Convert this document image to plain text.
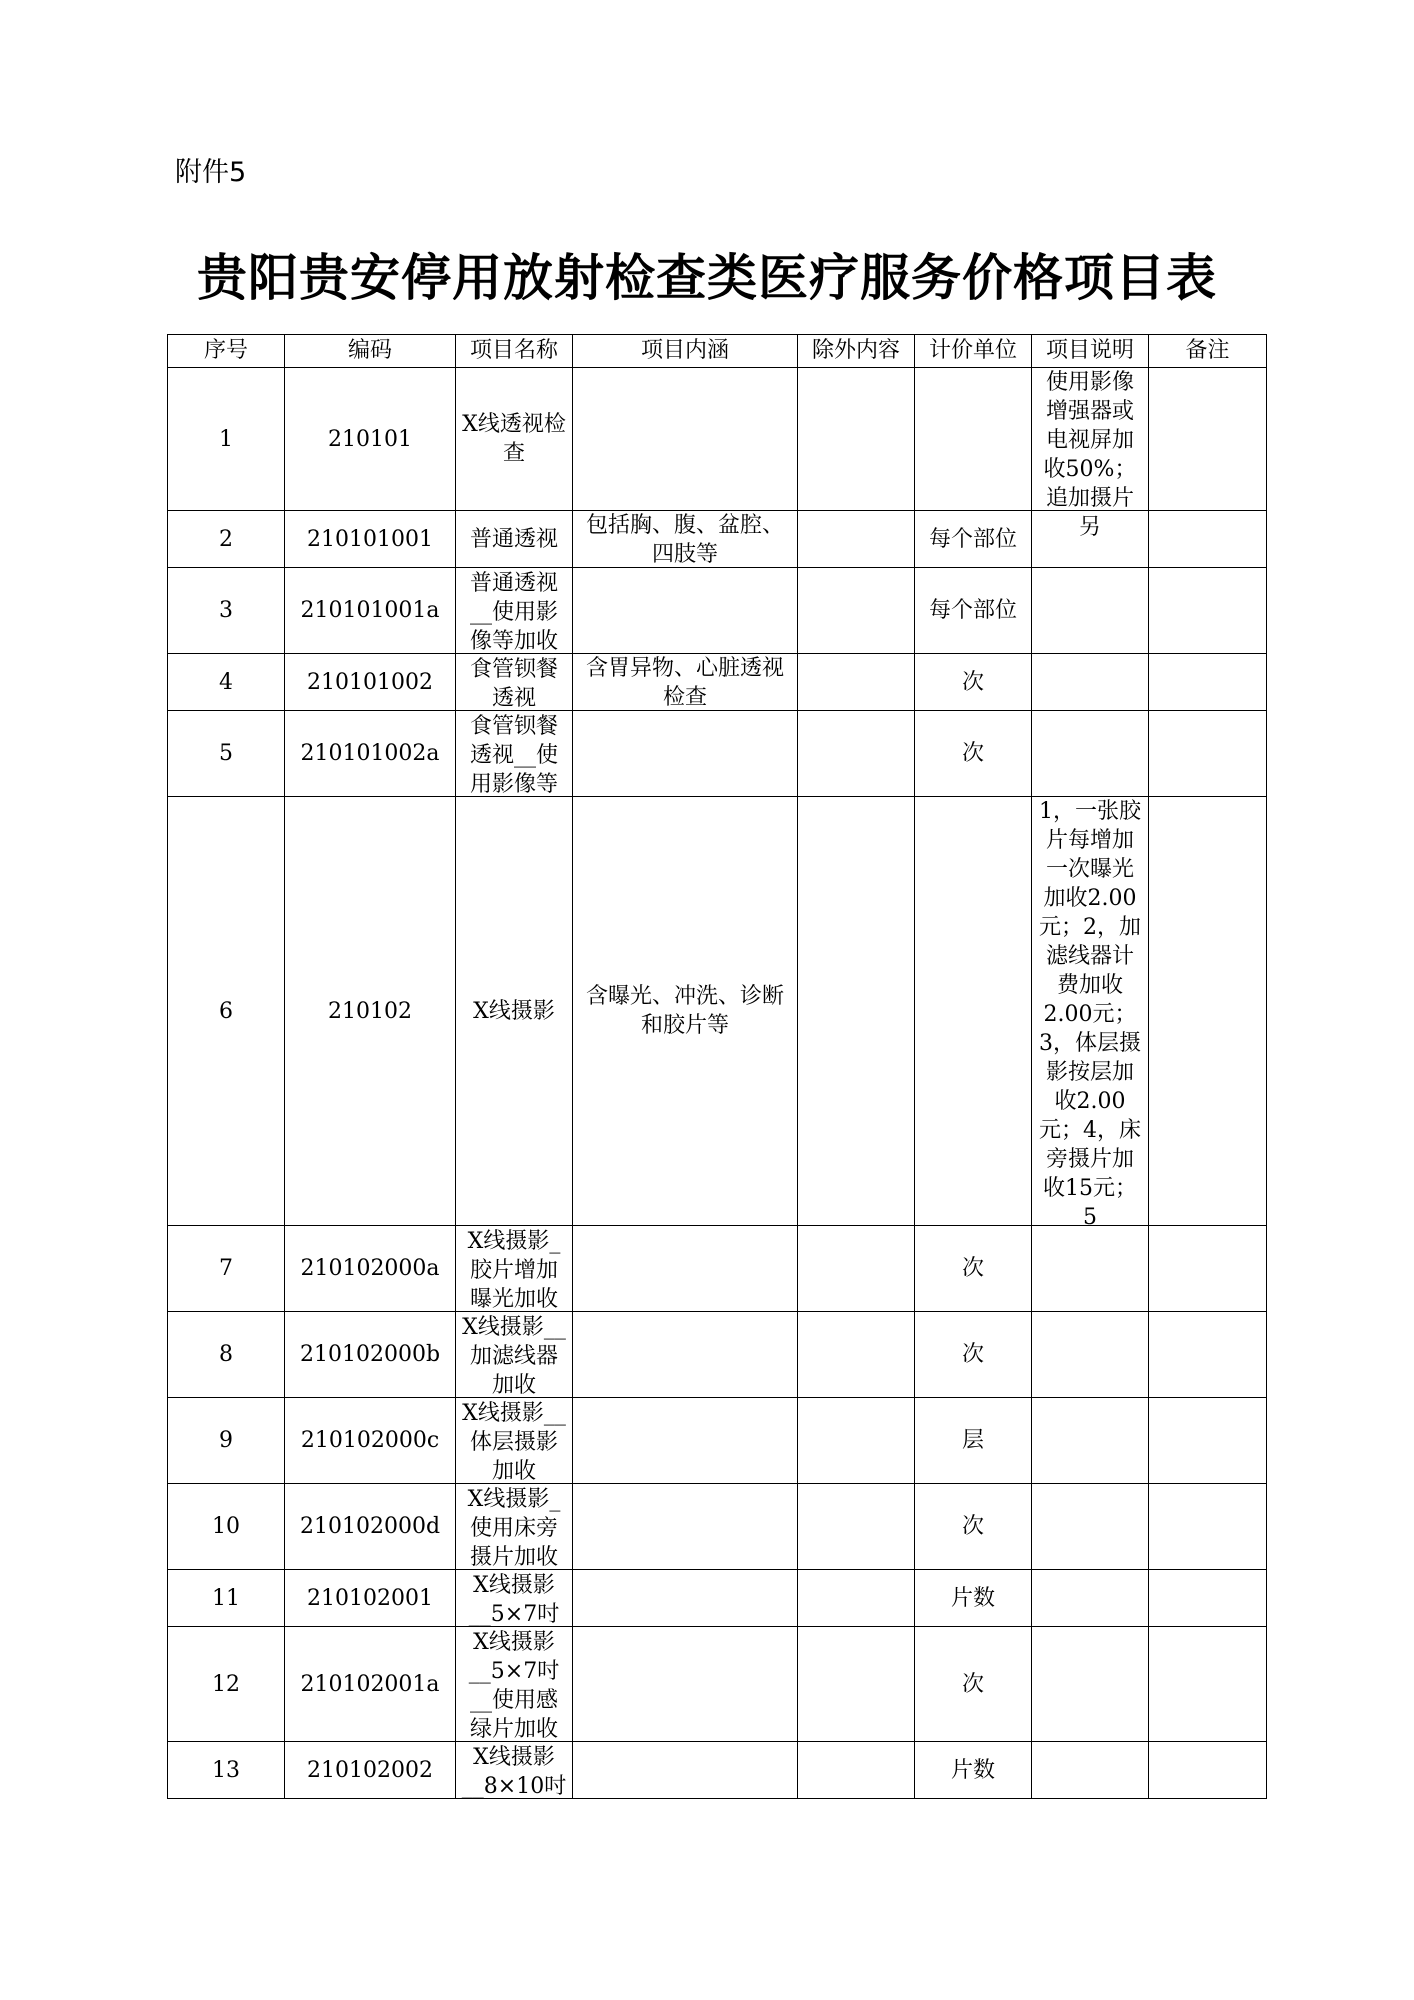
附件5
贵阳贵安停用放射检查类医疗服务价格项目表
序号	编码	项目名称	项目内涵	除外内容	计价单位	项目说明	备注

1	210101	X线透视检查				使用影像增强器或电视屏加收50%；追加摄片另	

2	210101001	普通透视	包括胸、腹、盆腔、四肢等		每个部位		

3	210101001a	普通透视__使用影像等加收			每个部位		

4	210101002	食管钡餐透视	含胃异物、心脏透视检查		次		

5	210101002a	食管钡餐透视__使用影像等			次		

6	210102	X线摄影	含曝光、冲洗、诊断和胶片等			1，一张胶片每增加一次曝光加收2.00元；2，加滤线器计费加收2.00元；3，体层摄影按层加收2.00元；4，床旁摄片加收15元；5	

7	210102000a	X线摄影_胶片增加曝光加收			次		

8	210102000b	X线摄影__加滤线器加收			次		

9	210102000c	X线摄影__体层摄影加收			层		

10	210102000d	X线摄影_使用床旁摄片加收			次		

11	210102001	X线摄影__5×7吋			片数		

12	210102001a	X线摄影__5×7吋__使用感绿片加收			次		

13	210102002	X线摄影__8×10吋			片数		
